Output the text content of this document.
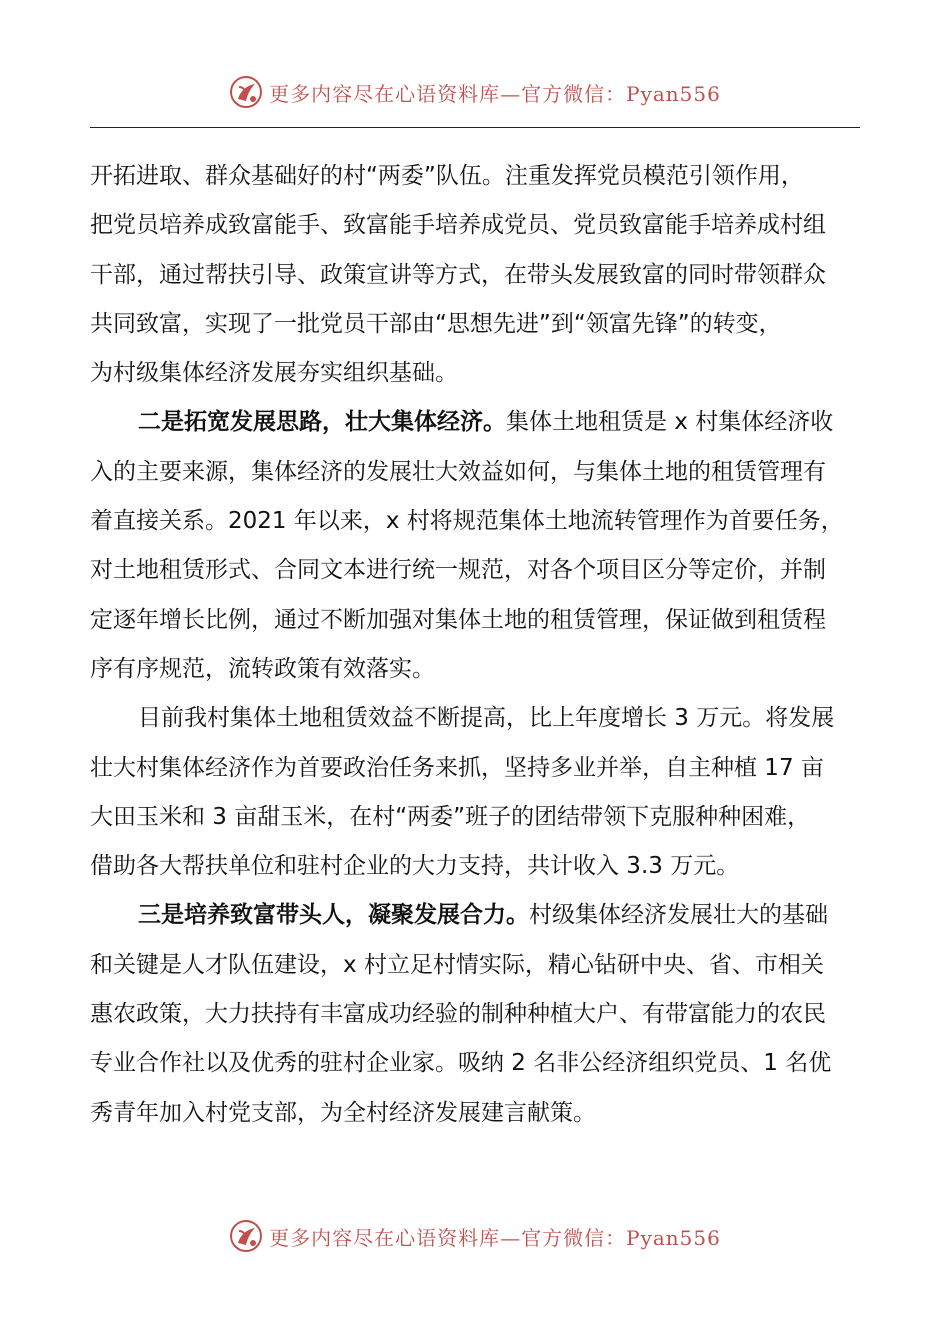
更多内容尽在心语资料库—官方微信：Pyan556
开拓进取、群众基础好的村“两委”队伍。注重发挥党员模范引领作用，
把党员培养成致富能手、致富能手培养成党员、党员致富能手培养成村组
干部，通过帮扶引导、政策宣讲等方式，在带头发展致富的同时带领群众
共同致富，实现了一批党员干部由“思想先进”到“领富先锋”的转变，
为村级集体经济发展夯实组织基础。
二是拓宽发展思路，壮大集体经济。集体土地租赁是 x 村集体经济收
入的主要来源，集体经济的发展壮大效益如何，与集体土地的租赁管理有
着直接关系。2021 年以来，x 村将规范集体土地流转管理作为首要任务，
对土地租赁形式、合同文本进行统一规范，对各个项目区分等定价，并制
定逐年增长比例，通过不断加强对集体土地的租赁管理，保证做到租赁程
序有序规范，流转政策有效落实。
目前我村集体土地租赁效益不断提高，比上年度增长 3 万元。将发展
壮大村集体经济作为首要政治任务来抓，坚持多业并举，自主种植 17 亩
大田玉米和 3 亩甜玉米，在村“两委”班子的团结带领下克服种种困难，
借助各大帮扶单位和驻村企业的大力支持，共计收入 3.3 万元。
三是培养致富带头人，凝聚发展合力。村级集体经济发展壮大的基础
和关键是人才队伍建设，x 村立足村情实际，精心钻研中央、省、市相关
惠农政策，大力扶持有丰富成功经验的制种种植大户、有带富能力的农民
专业合作社以及优秀的驻村企业家。吸纳 2 名非公经济组织党员、1 名优
秀青年加入村党支部，为全村经济发展建言献策。
更多内容尽在心语资料库—官方微信：Pyan556
